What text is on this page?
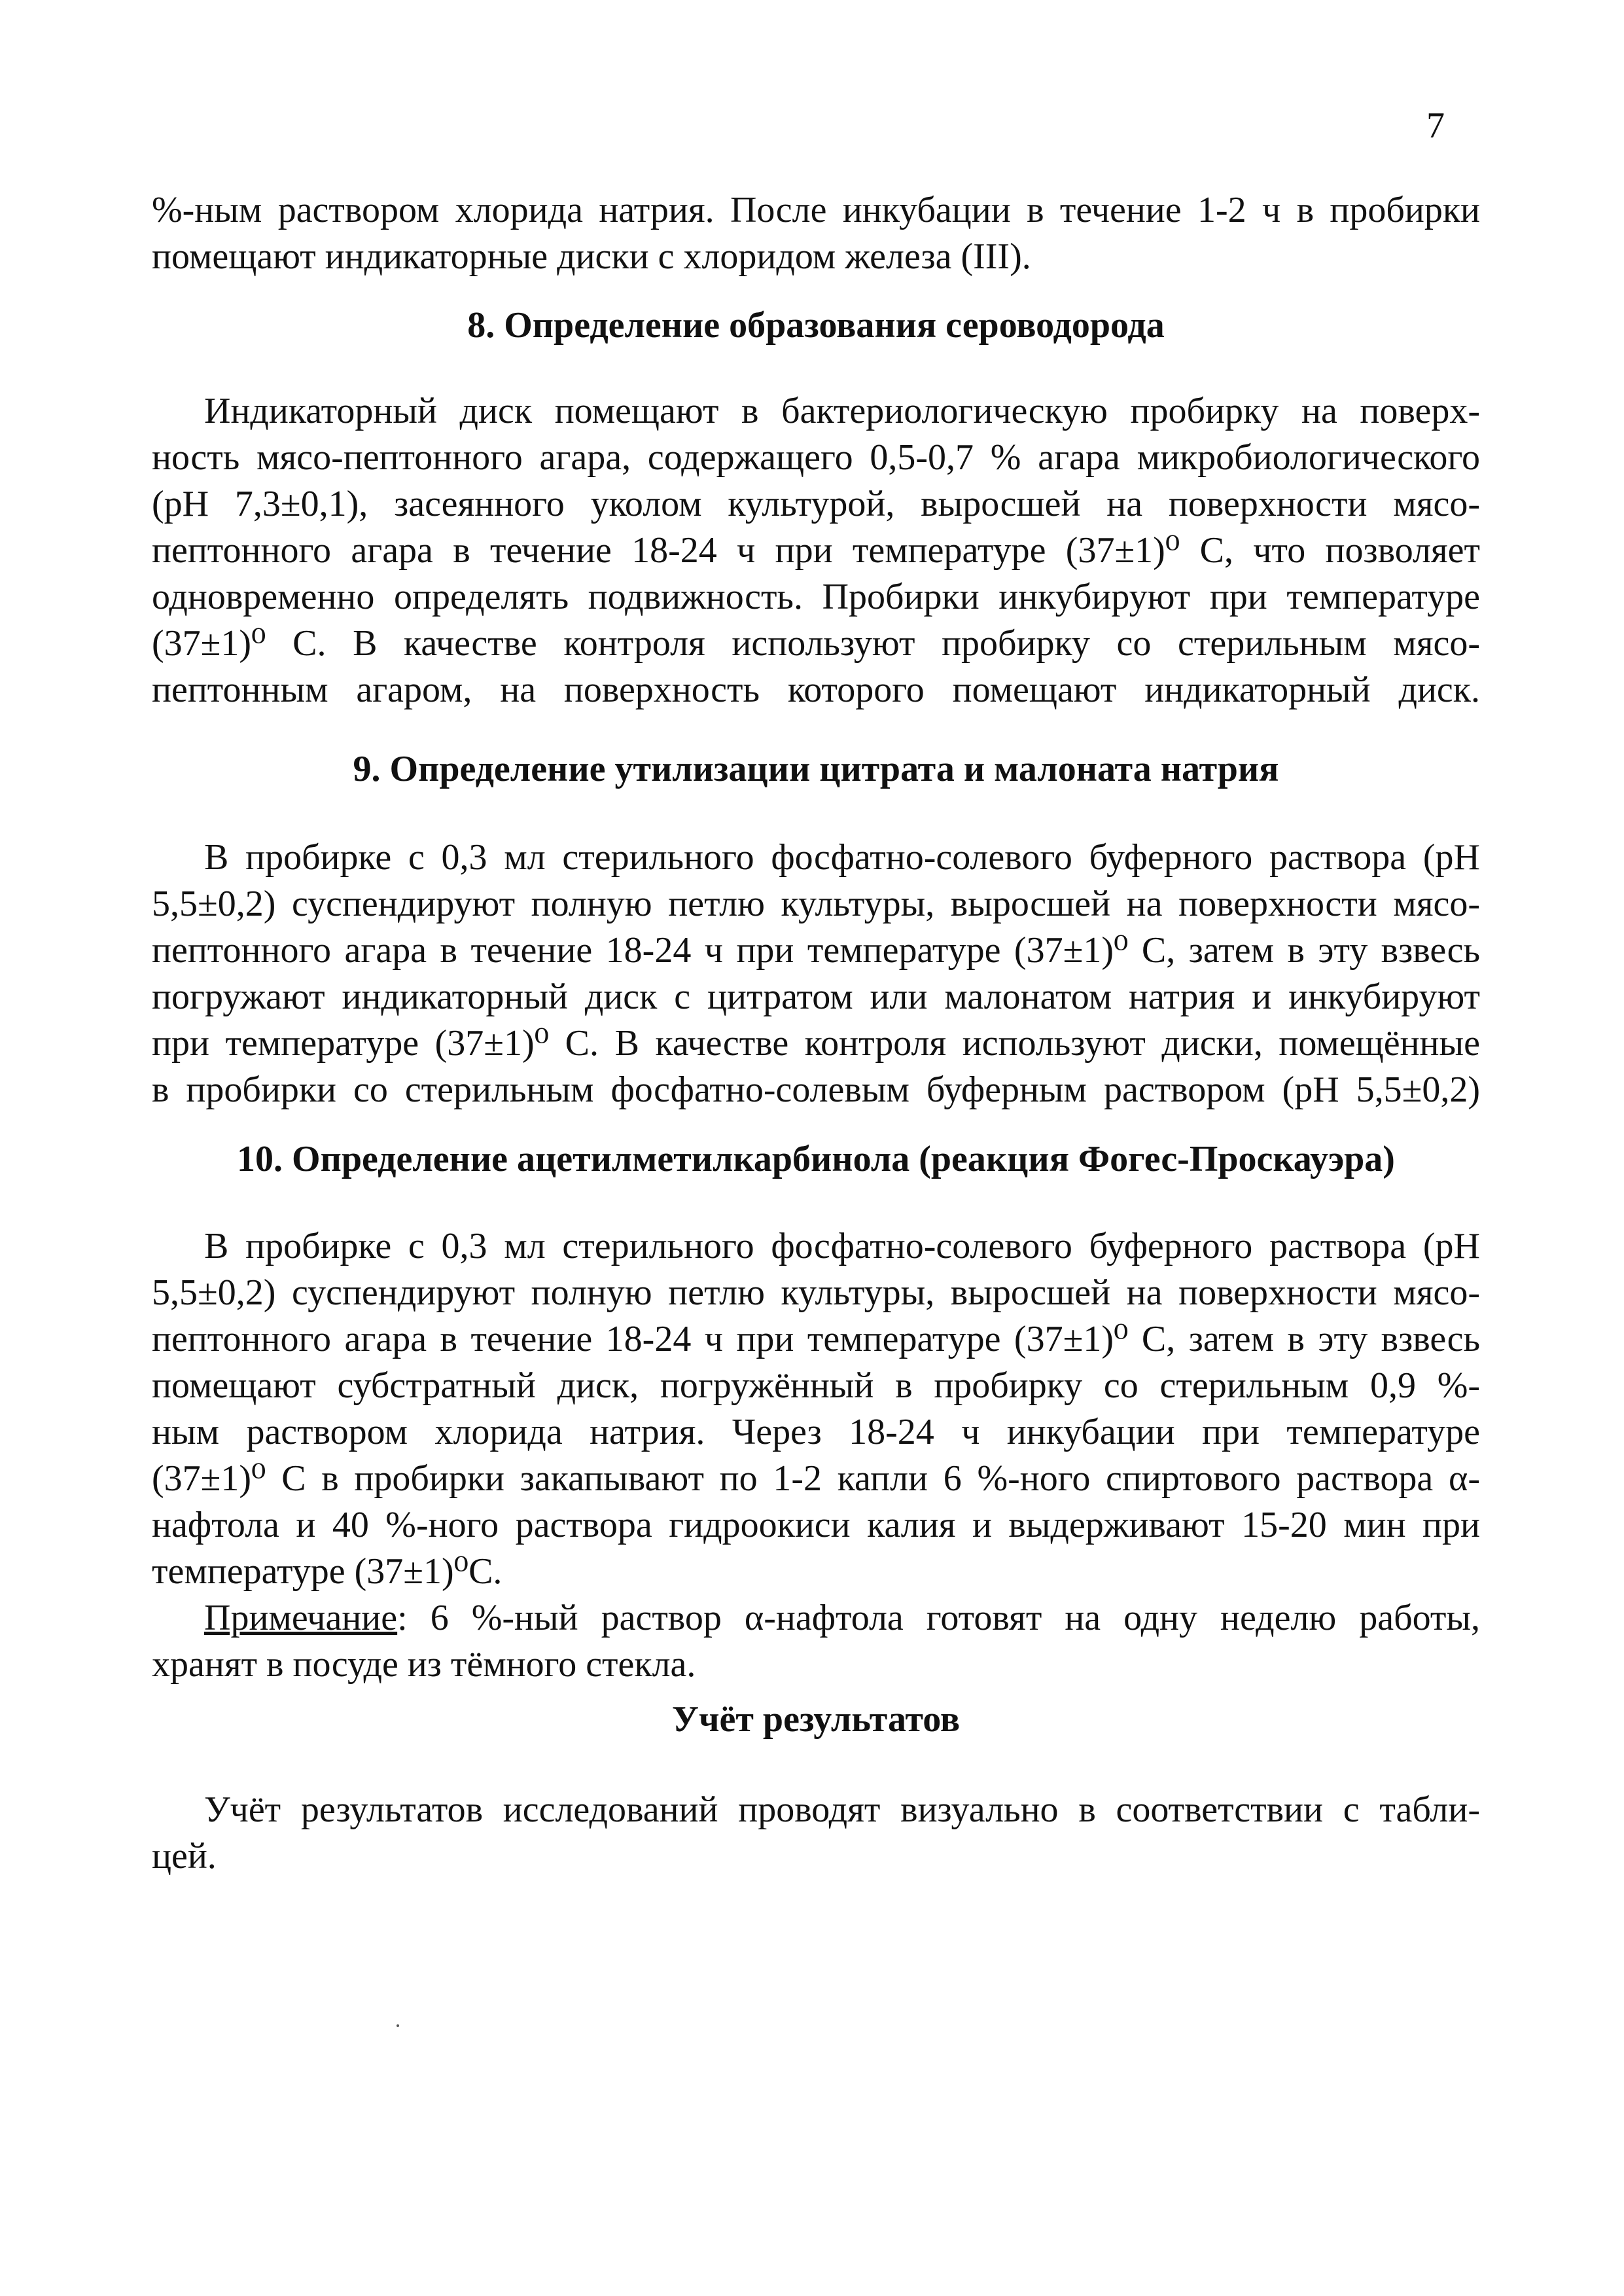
7
%-ным раствором хлорида натрия. После инкубации в течение 1-2 ч в пробирки
помещают индикаторные диски с хлоридом железа (III).
8. Определение образования сероводорода
Индикаторный диск помещают в бактериологическую пробирку на поверх-
ность мясо-пептонного агара, содержащего 0,5-0,7 % агара микробиологического
(pH 7,3±0,1), засеянного уколом культурой, выросшей на поверхности мясо-
пептонного агара в течение 18-24 ч при температуре (37±1)⁰ С, что позволяет
одновременно определять подвижность. Пробирки инкубируют при температуре
(37±1)⁰ С. В качестве контроля используют пробирку со стерильным мясо-
пептонным агаром, на поверхность которого помещают индикаторный диск.
9. Определение утилизации цитрата и малоната натрия
В пробирке с 0,3 мл стерильного фосфатно-солевого буферного раствора (pH
5,5±0,2) суспендируют полную петлю культуры, выросшей на поверхности мясо-
пептонного агара в течение 18-24 ч при температуре (37±1)⁰ С, затем в эту взвесь
погружают индикаторный диск с цитратом или малонатом натрия и инкубируют
при температуре (37±1)⁰ С. В качестве контроля используют диски, помещённые
в пробирки со стерильным фосфатно-солевым буферным раствором (pH 5,5±0,2)
10. Определение ацетилметилкарбинола (реакция Фогес-Проскауэра)
В пробирке с 0,3 мл стерильного фосфатно-солевого буферного раствора (pH
5,5±0,2) суспендируют полную петлю культуры, выросшей на поверхности мясо-
пептонного агара в течение 18-24 ч при температуре (37±1)⁰ С, затем в эту взвесь
помещают субстратный диск, погружённый в пробирку со стерильным 0,9 %-
ным раствором хлорида натрия. Через 18-24 ч инкубации при температуре
(37±1)⁰ С в пробирки закапывают по 1-2 капли 6 %-ного спиртового раствора α-
нафтола и 40 %-ного раствора гидроокиси калия и выдерживают 15-20 мин при
температуре (37±1)⁰С.
Примечание: 6 %-ный раствор α-нафтола готовят на одну неделю работы,
хранят в посуде из тёмного стекла.
Учёт результатов
Учёт результатов исследований проводят визуально в соответствии с табли-
цей.
